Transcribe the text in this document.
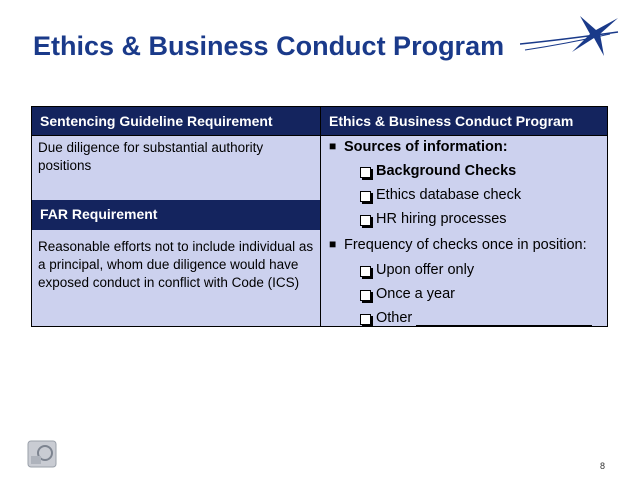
Ethics & Business Conduct Program
Sentencing Guideline Requirement	Ethics & Business Conduct Program
Due diligence for substantial authority positions
FAR Requirement
Reasonable efforts not to include individual as a principal, whom due diligence would have exposed conduct in conflict with Code (ICS)
■ Sources of information:
Background Checks
Ethics database check
HR hiring processes
■ Frequency of checks once in position:
Upon offer only
Once a year
Other
8
